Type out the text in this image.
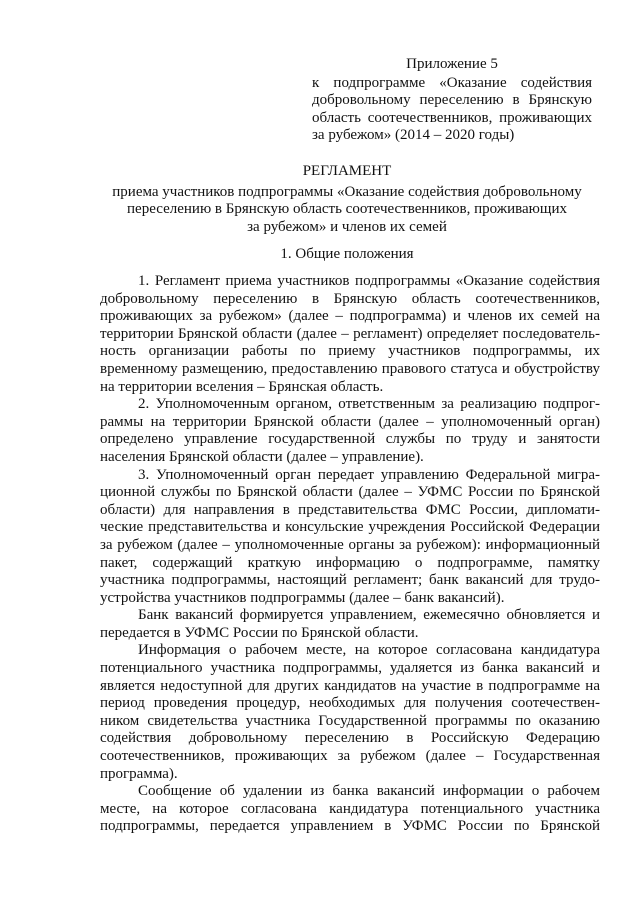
Приложение 5
к подпрограмме «Оказание содействия
добровольному переселению в Брянскую
область соотечественников, проживающих
за рубежом» (2014 – 2020 годы)
РЕГЛАМЕНТ
приема участников подпрограммы «Оказание содействия добровольному
переселению в Брянскую область соотечественников, проживающих
за рубежом» и членов их семей
1. Общие положения
1. Регламент приема участников подпрограммы «Оказание содействия
добровольному переселению в Брянскую область соотечественников,
проживающих за рубежом» (далее – подпрограмма) и членов их семей на
территории Брянской области (далее – регламент) определяет последователь-
ность организации работы по приему участников подпрограммы, их
временному размещению, предоставлению правового статуса и обустройству
на территории вселения – Брянская область.
2. Уполномоченным органом, ответственным за реализацию подпрог-
раммы на территории Брянской области (далее – уполномоченный орган)
определено управление государственной службы по труду и занятости
населения Брянской области (далее – управление).
3. Уполномоченный орган передает управлению Федеральной мигра-
ционной службы по Брянской области (далее – УФМС России по Брянской
области) для направления в представительства ФМС России, дипломати-
ческие представительства и консульские учреждения Российской Федерации
за рубежом (далее – уполномоченные органы за рубежом): информационный
пакет, содержащий краткую информацию о подпрограмме, памятку
участника подпрограммы, настоящий регламент; банк вакансий для трудо-
устройства участников подпрограммы (далее – банк вакансий).
Банк вакансий формируется управлением, ежемесячно обновляется и
передается в УФМС России по Брянской области.
Информация о рабочем месте, на которое согласована кандидатура
потенциального участника подпрограммы, удаляется из банка вакансий и
является недоступной для других кандидатов на участие в подпрограмме на
период проведения процедур, необходимых для получения соотечествен-
ником свидетельства участника Государственной программы по оказанию
содействия добровольному переселению в Российскую Федерацию
соотечественников, проживающих за рубежом (далее – Государственная
программа).
Сообщение об удалении из банка вакансий информации о рабочем
месте, на которое согласована кандидатура потенциального участника
подпрограммы, передается управлением в УФМС России по Брянской
